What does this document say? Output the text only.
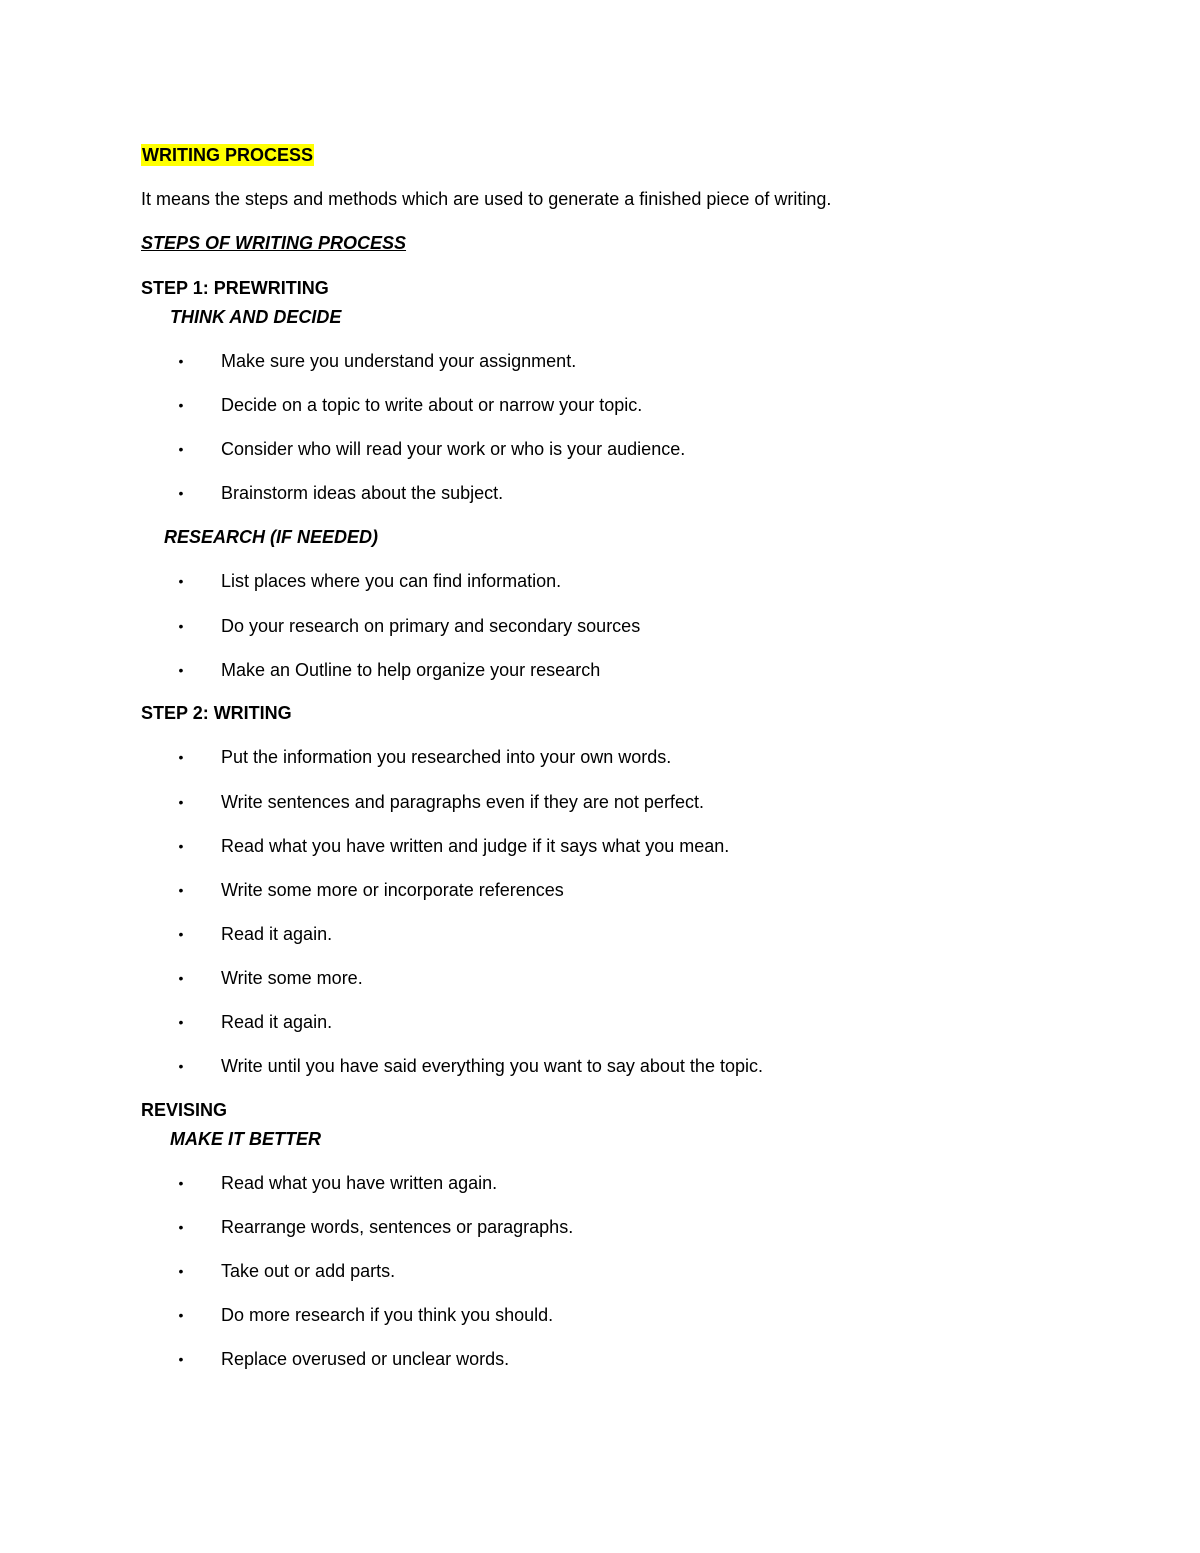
WRITING PROCESS
It means the steps and methods which are used to generate a finished piece of writing.
STEPS OF WRITING PROCESS
STEP 1: PREWRITING
THINK AND DECIDE
• Make sure you understand your assignment.
• Decide on a topic to write about or narrow your topic.
• Consider who will read your work or who is your audience.
• Brainstorm ideas about the subject.
RESEARCH (IF NEEDED)
• List places where you can find information.
• Do your research on primary and secondary sources
• Make an Outline to help organize your research
STEP 2: WRITING
• Put the information you researched into your own words.
• Write sentences and paragraphs even if they are not perfect.
• Read what you have written and judge if it says what you mean.
• Write some more or incorporate references
• Read it again.
• Write some more.
• Read it again.
• Write until you have said everything you want to say about the topic.
REVISING
MAKE IT BETTER
• Read what you have written again.
• Rearrange words, sentences or paragraphs.
• Take out or add parts.
• Do more research if you think you should.
• Replace overused or unclear words.
